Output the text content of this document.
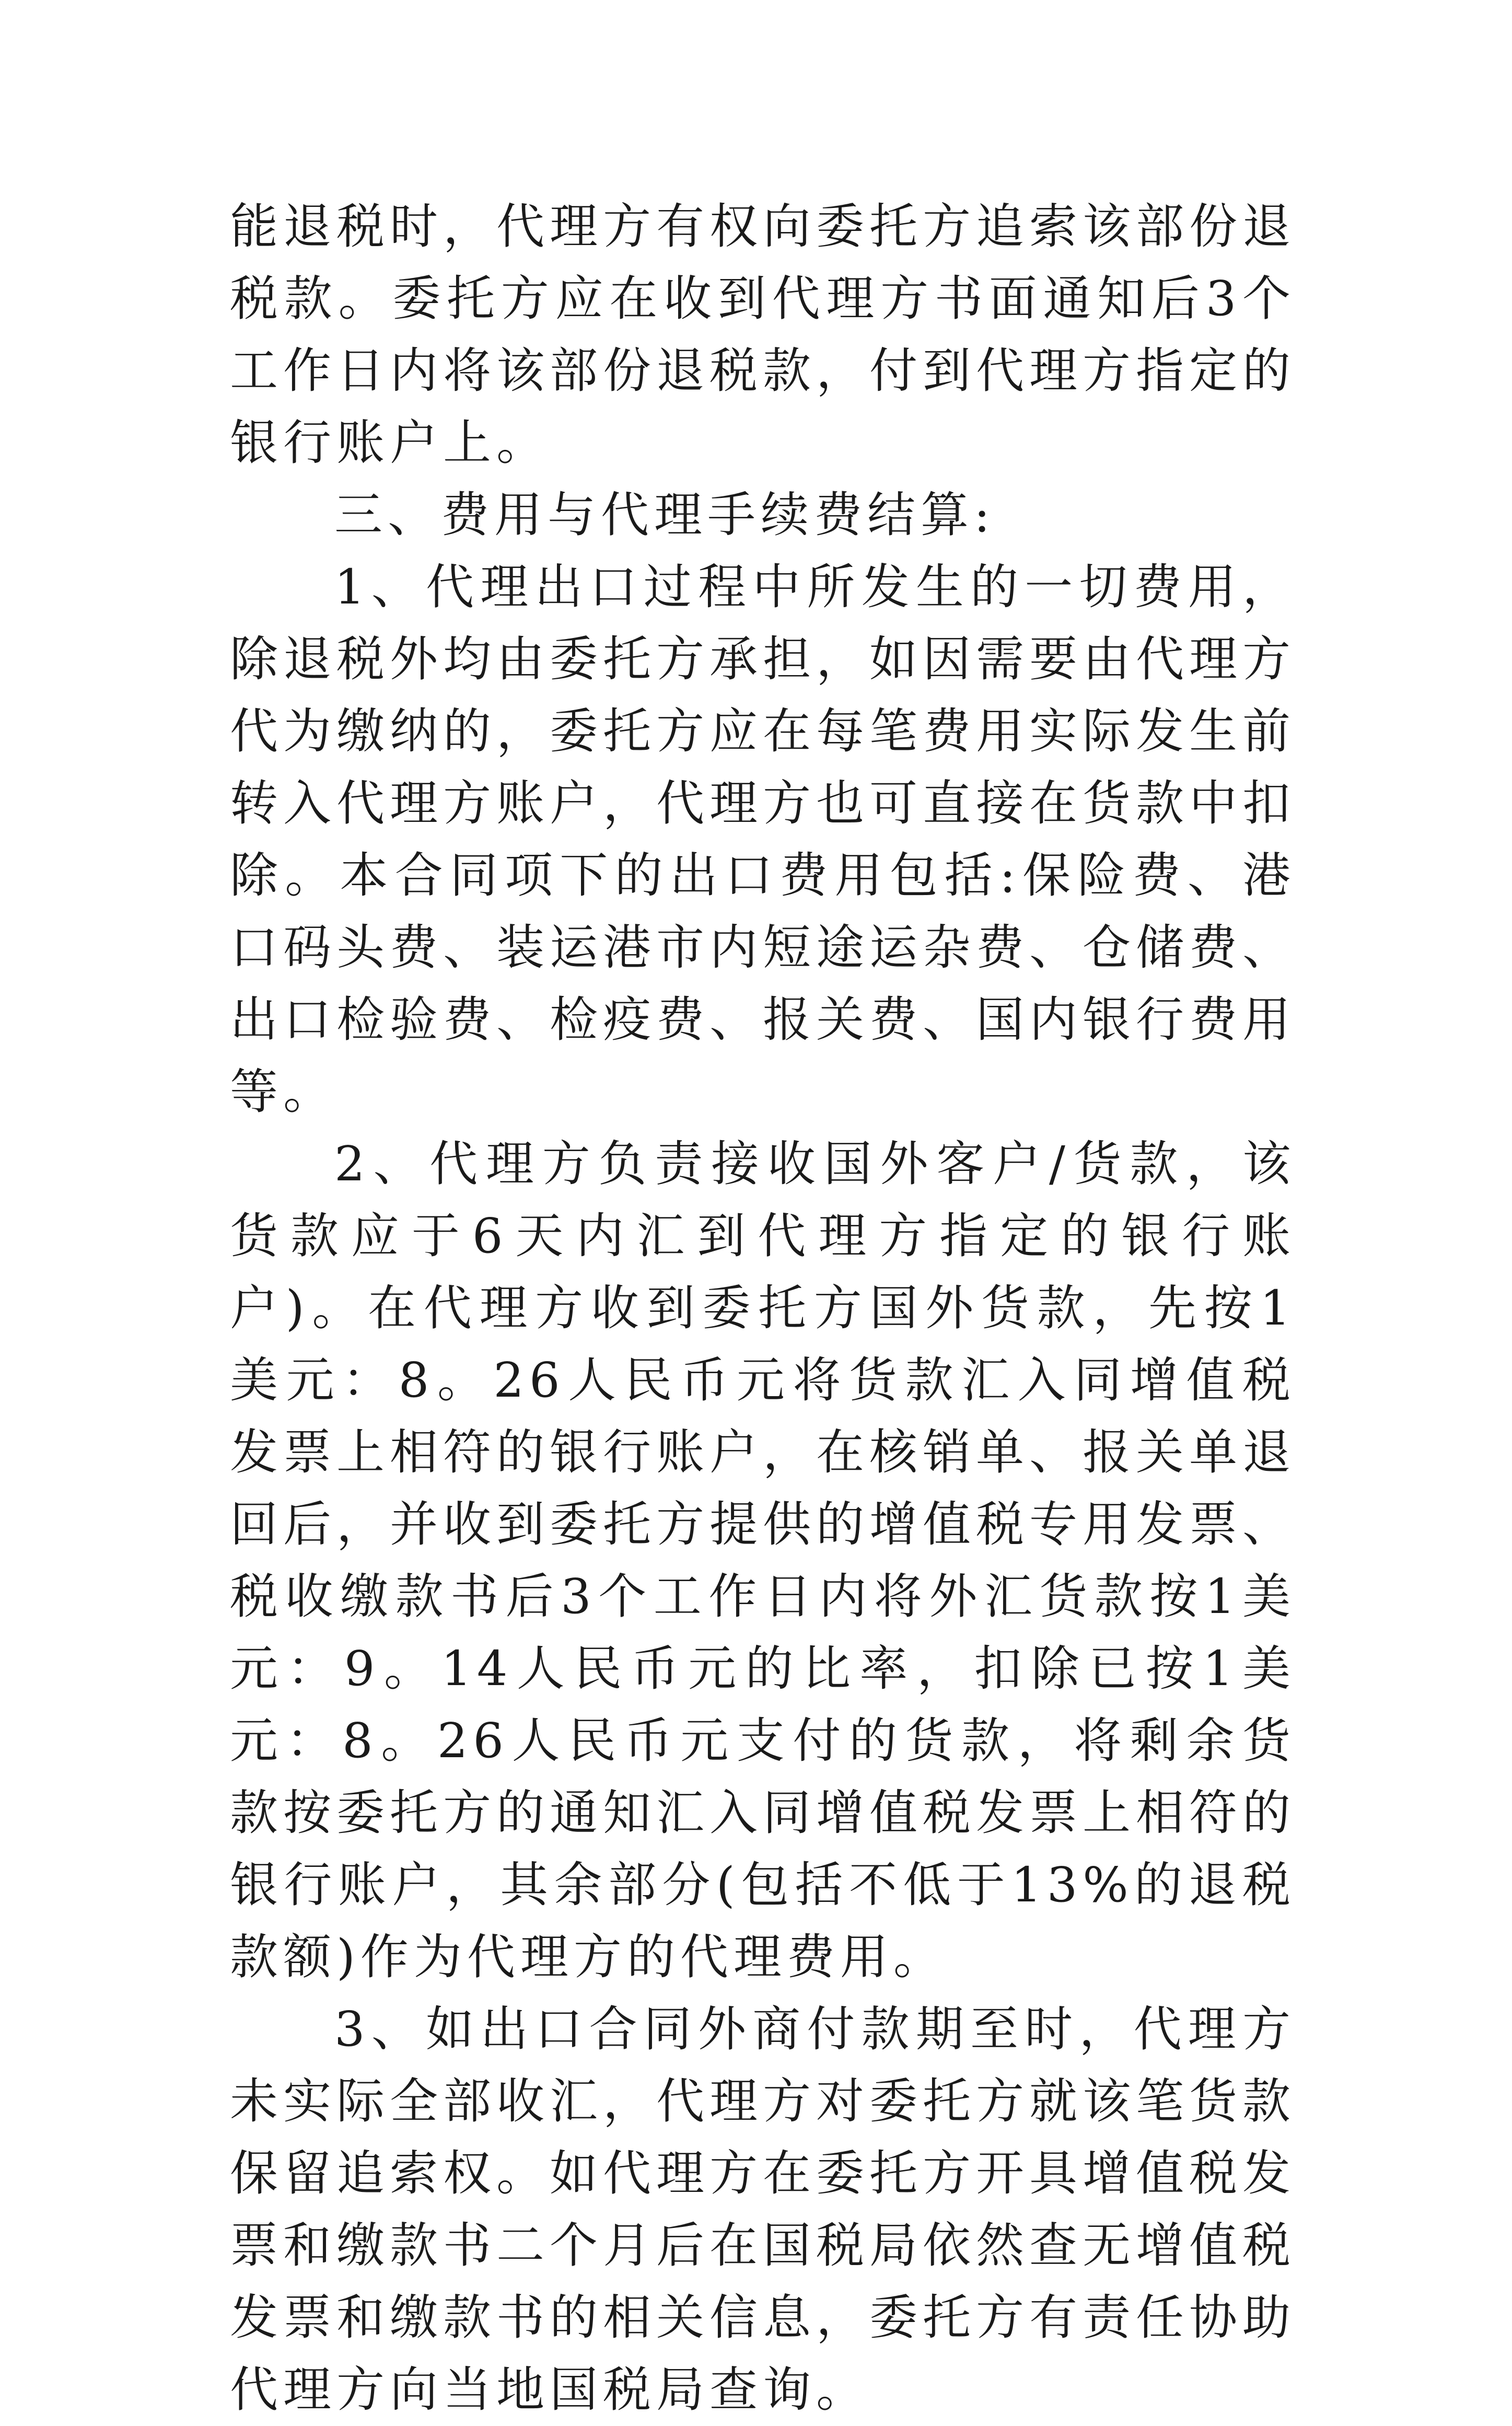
能退税时，代理方有权向委托方追索该部份退税款。委托方应在收到代理方书面通知后3个工作日内将该部份退税款，付到代理方指定的银行账户上。

三、费用与代理手续费结算:

1、代理出口过程中所发生的一切费用，除退税外均由委托方承担，如因需要由代理方代为缴纳的，委托方应在每笔费用实际发生前转入代理方账户，代理方也可直接在货款中扣除。本合同项下的出口费用包括:保险费、港口码头费、装运港市内短途运杂费、仓储费、出口检验费、检疫费、报关费、国内银行费用等。

2、代理方负责接收国外客户/货款，该货款应于6天内汇到代理方指定的银行账户)。在代理方收到委托方国外货款，先按1美元：8。26人民币元将货款汇入同增值税发票上相符的银行账户，在核销单、报关单退回后，并收到委托方提供的增值税专用发票、税收缴款书后3个工作日内将外汇货款按1美元：9。14人民币元的比率，扣除已按1美元：8。26人民币元支付的货款，将剩余货款按委托方的通知汇入同增值税发票上相符的银行账户，其余部分(包括不低于13%的退税款额)作为代理方的代理费用。

3、如出口合同外商付款期至时，代理方未实际全部收汇，代理方对委托方就该笔货款保留追索权。如代理方在委托方开具增值税发票和缴款书二个月后在国税局依然查无增值税发票和缴款书的相关信息，委托方有责任协助代理方向当地国税局查询。
